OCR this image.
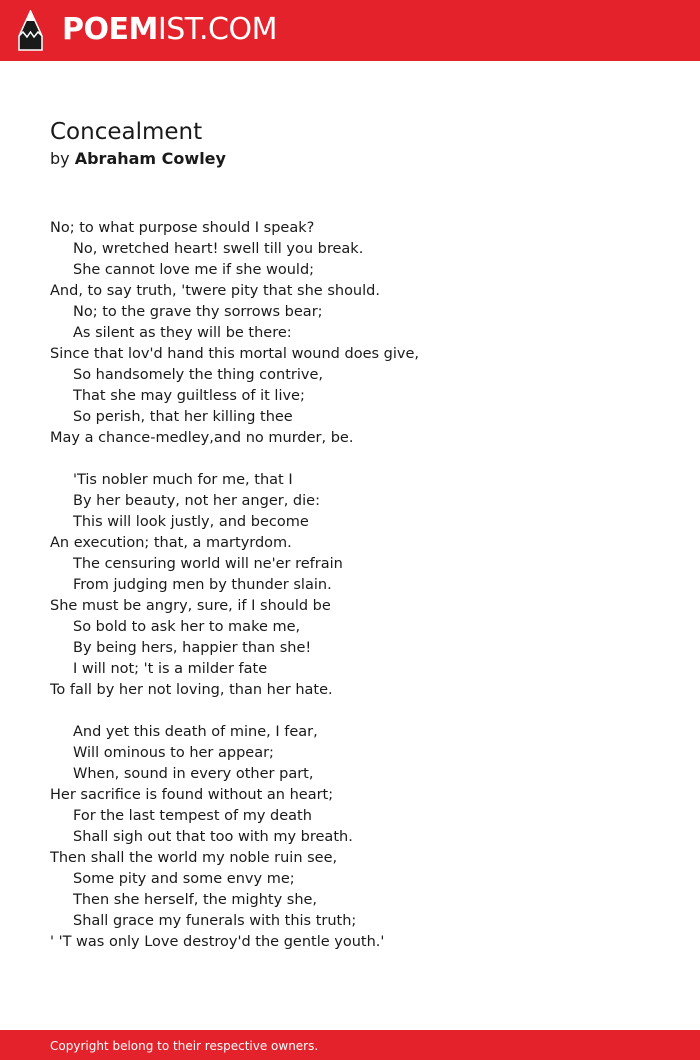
POEMIST.COM
Concealment
by Abraham Cowley
No; to what purpose should I speak?
No, wretched heart! swell till you break.
She cannot love me if she would;
And, to say truth, 'twere pity that she should.
No; to the grave thy sorrows bear;
As silent as they will be there:
Since that lov'd hand this mortal wound does give,
So handsomely the thing contrive,
That she may guiltless of it live;
So perish, that her killing thee
May a chance-medley,and no murder, be.
'Tis nobler much for me, that I
By her beauty, not her anger, die:
This will look justly, and become
An execution; that, a martyrdom.
The censuring world will ne'er refrain
From judging men by thunder slain.
She must be angry, sure, if I should be
So bold to ask her to make me,
By being hers, happier than she!
I will not; 't is a milder fate
To fall by her not loving, than her hate.
And yet this death of mine, I fear,
Will ominous to her appear;
When, sound in every other part,
Her sacrifice is found without an heart;
For the last tempest of my death
Shall sigh out that too with my breath.
Then shall the world my noble ruin see,
Some pity and some envy me;
Then she herself, the mighty she,
Shall grace my funerals with this truth;
' 'T was only Love destroy'd the gentle youth.'
Copyright belong to their respective owners.
